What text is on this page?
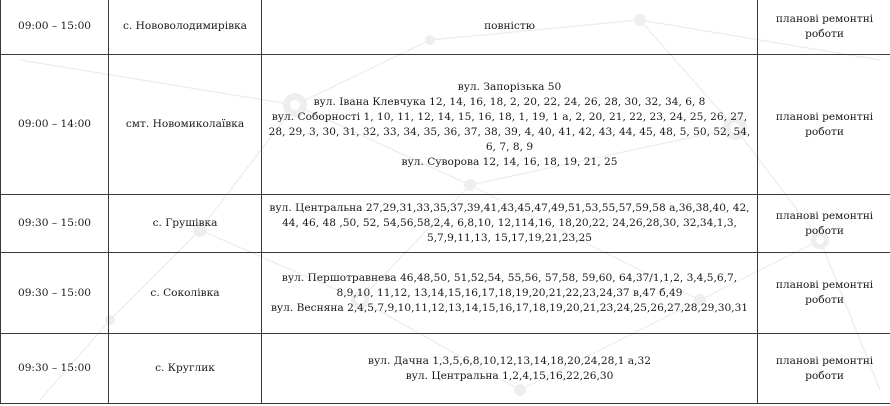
09:00 – 15:00	с. Нововолодимирівка	повністю	планові ремонтні роботи
09:00 – 14:00	смт. Новомиколаївка	вул. Запорізька 50
вул. Івана Клевчука 12, 14, 16, 18, 2, 20, 22, 24, 26, 28, 30, 32, 34, 6, 8
вул. Соборності 1, 10, 11, 12, 14, 15, 16, 18, 1, 19, 1 а, 2, 20, 21, 22, 23, 24, 25, 26, 27, 28, 29, 3, 30, 31, 32, 33, 34, 35, 36, 37, 38, 39, 4, 40, 41, 42, 43, 44, 45, 48, 5, 50, 52, 54, 6, 7, 8, 9
вул. Суворова 12, 14, 16, 18, 19, 21, 25	планові ремонтні роботи
09:30 – 15:00	с. Грушівка	вул. Центральна 27,29,31,33,35,37,39,41,43,45,47,49,51,53,55,57,59,58 а,36,38,40, 42, 44, 46, 48 ,50, 52, 54,56,58,2,4, 6,8,10, 12,114,16, 18,20,22, 24,26,28,30, 32,34,1,3, 5,7,9,11,13, 15,17,19,21,23,25	планові ремонтні роботи
09:30 – 15:00	с. Соколівка	вул. Першотравнева 46,48,50, 51,52,54, 55,56, 57,58, 59,60, 64,37/1,1,2, 3,4,5,6,7, 8,9,10, 11,12, 13,14,15,16,17,18,19,20,21,22,23,24,37 в,47 б,49
вул. Весняна 2,4,5,7,9,10,11,12,13,14,15,16,17,18,19,20,21,23,24,25,26,27,28,29,30,31	планові ремонтні роботи
09:30 – 15:00	с. Круглик	вул. Дачна 1,3,5,6,8,10,12,13,14,18,20,24,28,1 а,32
вул. Центральна 1,2,4,15,16,22,26,30	планові ремонтні роботи
